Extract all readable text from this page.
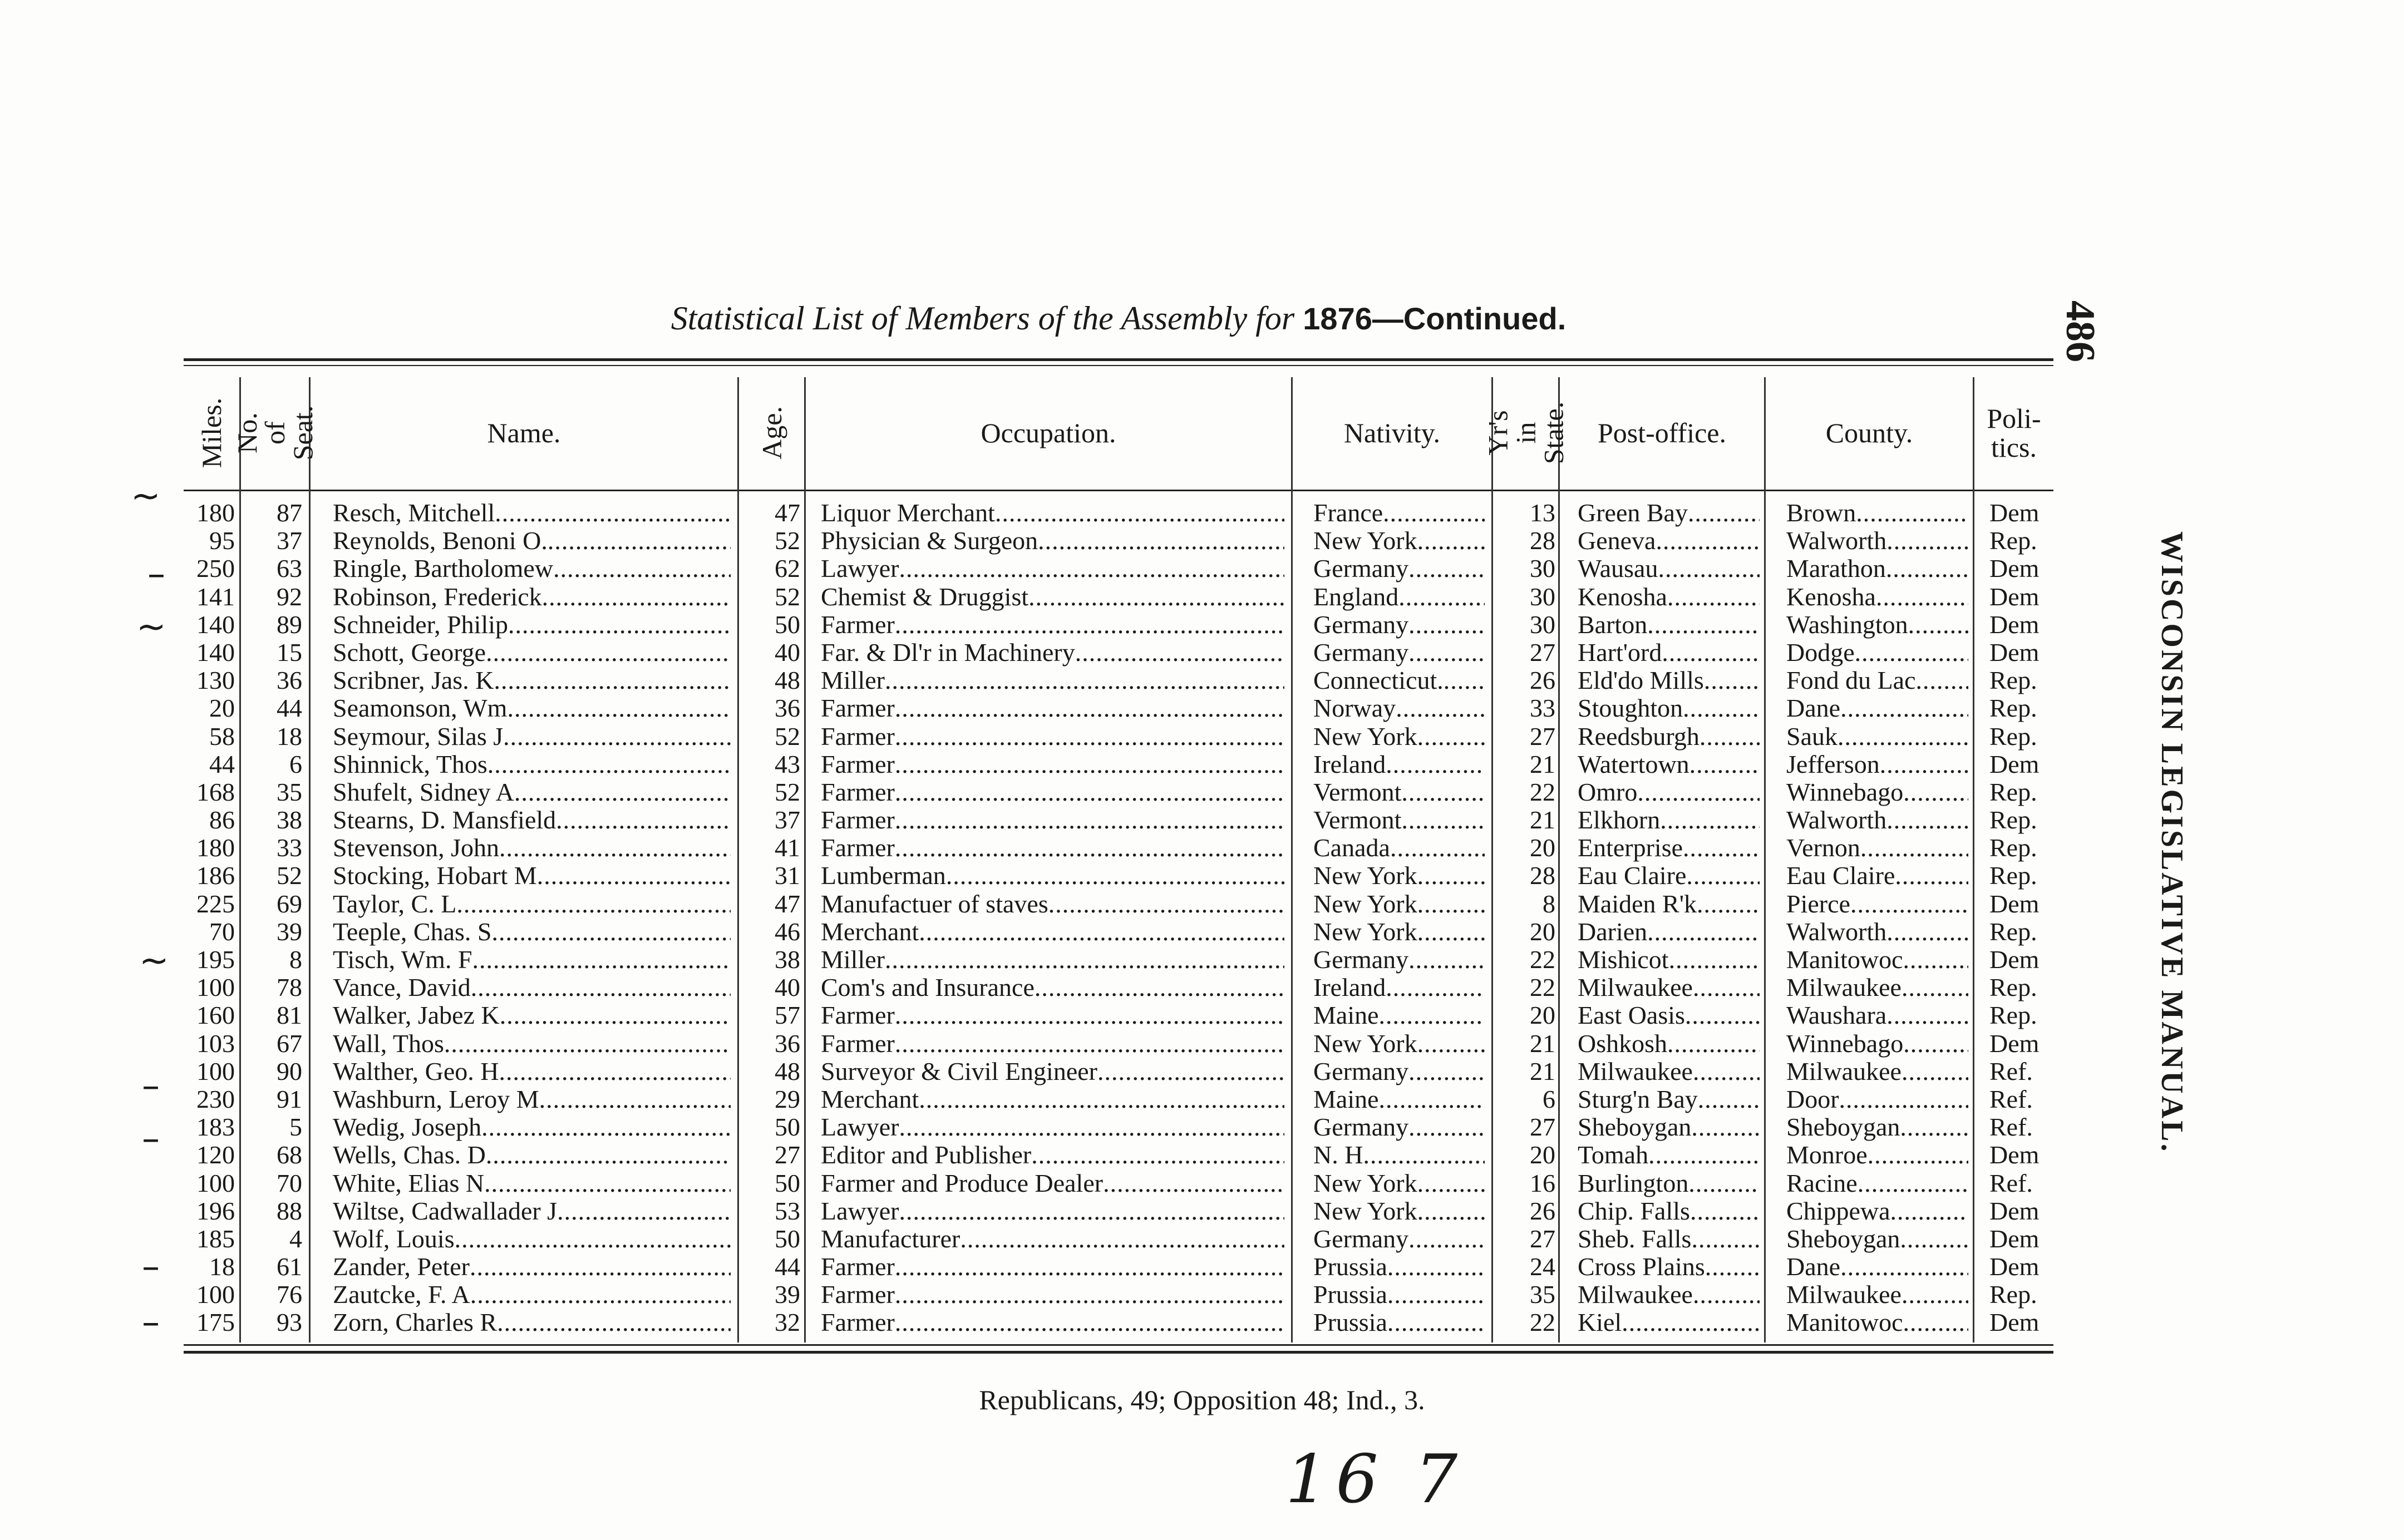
486
WISCONSIN LEGISLATIVE MANUAL.
Statistical List of Members of the Assembly for 1876—Continued.
Miles. No. of Seat.	Name.	Age.	Occupation.	Nativity. Yr's in State. Post-office.	County.	Poli- tics.
180	87 Resch, Mitchell .....	47 Liquor Merchant .....	France .....	13 Green Bay .....	Brown .....	Dem
95	37 Reynolds, Benoni O. .....	52 Physician & Surgeon .....	New York .....	28 Geneva .....	Walworth .....	Rep.
250	63 Ringle, Bartholomew .....	62 Lawyer .....	Germany .....	30 Wausau .....	Marathon .....	Dem
141	92 Robinson, Frederick .....	52 Chemist & Druggist .....	England .....	30 Kenosha .....	Kenosha .....	Dem
140	89 Schneider, Philip .....	50 Farmer .....	Germany .....	30 Barton .....	Washington .....	Dem
140	15 Schott, George .....	40 Far. & Dl'r in Machinery .....	Germany .....	27 Hart'ord .....	Dodge .....	Dem
130	36 Scribner, Jas. K .....	48 Miller .....	Connecticut. .....	26 Eld'do Mills .....	Fond du Lac .....	Rep.
20	44 Seamonson, Wm .....	36 Farmer .....	Norway .....	33 Stoughton .....	Dane .....	Rep.
58	18 Seymour, Silas J .....	52 Farmer .....	New York .....	27 Reedsburgh .....	Sauk .....	Rep.
44	6 Shinnick, Thos .....	43 Farmer .....	Ireland .....	21 Watertown .....	Jefferson .....	Dem
168	35 Shufelt, Sidney A .....	52 Farmer .....	Vermont .....	22 Omro .....	Winnebago .....	Rep.
86	38 Stearns, D. Mansfield .....	37 Farmer .....	Vermont .....	21 Elkhorn .....	Walworth .....	Rep.
180	33 Stevenson, John .....	41 Farmer .....	Canada .....	20 Enterprise .....	Vernon .....	Rep.
186	52 Stocking, Hobart M .....	31 Lumberman .....	New York .....	28 Eau Claire .....	Eau Claire .....	Rep.
225	69 Taylor, C. L .....	47 Manufactuer of staves .....	New York .....	8 Maiden R'k .....	Pierce .....	Dem
70	39 Teeple, Chas. S .....	46 Merchant .....	New York .....	20 Darien .....	Walworth .....	Rep.
195	8 Tisch, Wm. F .....	38 Miller .....	Germany .....	22 Mishicot .....	Manitowoc .....	Dem
100	78 Vance, David .....	40 Com's and Insurance .....	Ireland .....	22 Milwaukee .....	Milwaukee .....	Rep.
160	81 Walker, Jabez K .....	57 Farmer .....	Maine .....	20 East Oasis .....	Waushara .....	Rep.
103	67 Wall, Thos .....	36 Farmer .....	New York .....	21 Oshkosh .....	Winnebago .....	Dem
100	90 Walther, Geo. H .....	48 Surveyor & Civil Engineer .....	Germany .....	21 Milwaukee .....	Milwaukee .....	Ref.
230	91 Washburn, Leroy M .....	29 Merchant .....	Maine .....	6 Sturg'n Bay .....	Door .....	Ref.
183	5 Wedig, Joseph .....	50 Lawyer .....	Germany .....	27 Sheboygan .....	Sheboygan .....	Ref.
120	68 Wells, Chas. D .....	27 Editor and Publisher .....	N. H .....	20 Tomah .....	Monroe .....	Dem
100	70 White, Elias N .....	50 Farmer and Produce Dealer .....	New York .....	16 Burlington .....	Racine .....	Ref.
196	88 Wiltse, Cadwallader J .....	53 Lawyer .....	New York .....	26 Chip. Falls .....	Chippewa .....	Dem
185	4 Wolf, Louis .....	50 Manufacturer .....	Germany .....	27 Sheb. Falls .....	Sheboygan .....	Dem
18	61 Zander, Peter .....	44 Farmer .....	Prussia .....	24 Cross Plains .....	Dane .....	Dem
100	76 Zautcke, F. A .....	39 Farmer .....	Prussia .....	35 Milwaukee .....	Milwaukee .....	Rep.
175	93 Zorn, Charles R .....	32 Farmer .....	Prussia .....	22 Kiel .....	Manitowoc .....	Dem
Republicans, 49; Opposition 48; Ind., 3.
16 7
~
–
~
~
–
–
–
–
